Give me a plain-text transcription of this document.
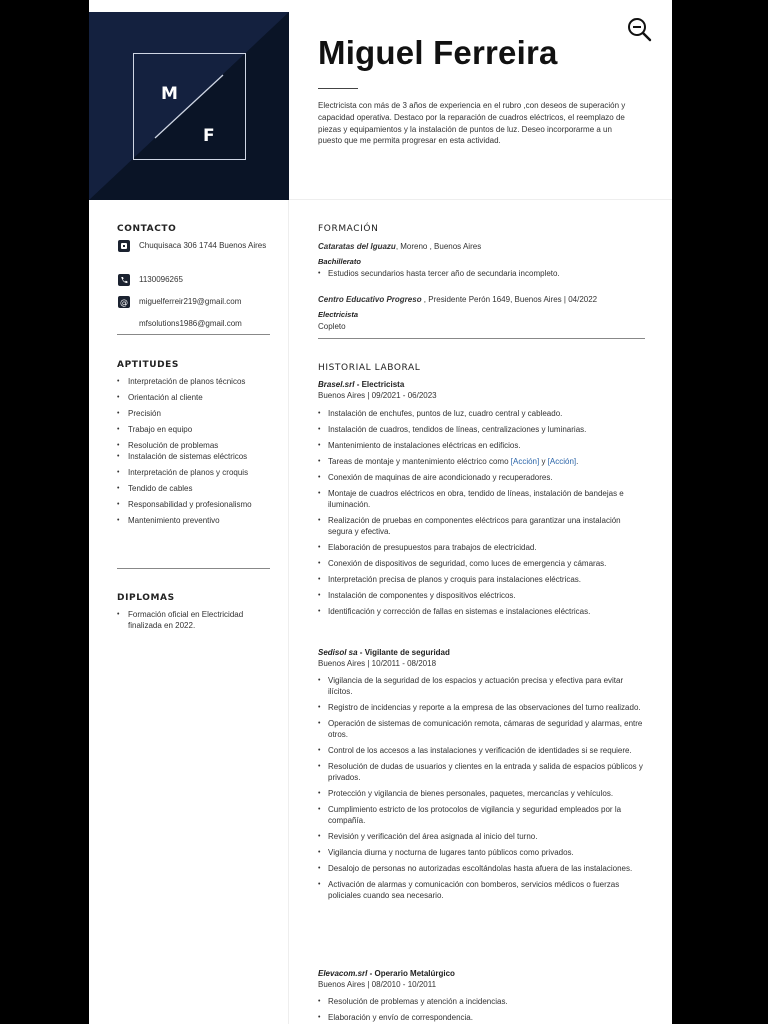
M
F
Miguel Ferreira
Electricista con más de 3 años de experiencia en el rubro ,con deseos de superación y capacidad operativa. Destaco por la reparación de cuadros eléctricos, el reemplazo de piezas y equipamientos y la instalación de puntos de luz. Deseo incorporarme a un puesto que me permita progresar en esta actividad.
CONTACTO
Chuquisaca 306 1744 Buenos Aires
1130096265
@ miguelferreir219@gmail.com
mfsolutions1986@gmail.com
APTITUDES
• Interpretación de planos técnicos
• Orientación al cliente
• Precisión
• Trabajo en equipo
• Resolución de problemas
• Instalación de sistemas eléctricos
• Interpretación de planos y croquis
• Tendido de cables
• Responsabilidad y profesionalismo
• Mantenimiento preventivo
DIPLOMAS
• Formación oficial en Electricidad finalizada en 2022.
FORMACIÓN
Cataratas del Iguazu, Moreno , Buenos Aires
Bachillerato
• Estudios secundarios hasta tercer año de secundaria incompleto.
Centro Educativo Progreso , Presidente Perón 1649, Buenos Aires | 04/2022
Electricista
Copleto
HISTORIAL LABORAL
Brasel.srl - Electricista
Buenos Aires | 09/2021 - 06/2023
• Instalación de enchufes, puntos de luz, cuadro central y cableado.
• Instalación de cuadros, tendidos de líneas, centralizaciones y luminarias.
• Mantenimiento de instalaciones eléctricas en edificios.
• Tareas de montaje y mantenimiento eléctrico como [Acción] y [Acción].
• Conexión de maquinas de aire acondicionado y recuperadores.
• Montaje de cuadros eléctricos en obra, tendido de líneas, instalación de bandejas e iluminación.
• Realización de pruebas en componentes eléctricos para garantizar una instalación segura y efectiva.
• Elaboración de presupuestos para trabajos de electricidad.
• Conexión de dispositivos de seguridad, como luces de emergencia y cámaras.
• Interpretación precisa de planos y croquis para instalaciones eléctricas.
• Instalación de componentes y dispositivos eléctricos.
• Identificación y corrección de fallas en sistemas e instalaciones eléctricas.
Sedisol sa - Vigilante de seguridad
Buenos Aires | 10/2011 - 08/2018
• Vigilancia de la seguridad de los espacios y actuación precisa y efectiva para evitar ilícitos.
• Registro de incidencias y reporte a la empresa de las observaciones del turno realizado.
• Operación de sistemas de comunicación remota, cámaras de seguridad y alarmas, entre otros.
• Control de los accesos a las instalaciones y verificación de identidades si se requiere.
• Resolución de dudas de usuarios y clientes en la entrada y salida de espacios públicos y privados.
• Protección y vigilancia de bienes personales, paquetes, mercancías y vehículos.
• Cumplimiento estricto de los protocolos de vigilancia y seguridad empleados por la compañía.
• Revisión y verificación del área asignada al inicio del turno.
• Vigilancia diurna y nocturna de lugares tanto públicos como privados.
• Desalojo de personas no autorizadas escoltándolas hasta afuera de las instalaciones.
• Activación de alarmas y comunicación con bomberos, servicios médicos o fuerzas policiales cuando sea necesario.
Elevacom.srl - Operario Metalúrgico
Buenos Aires | 08/2010 - 10/2011
• Resolución de problemas y atención a incidencias.
• Elaboración y envío de correspondencia.
